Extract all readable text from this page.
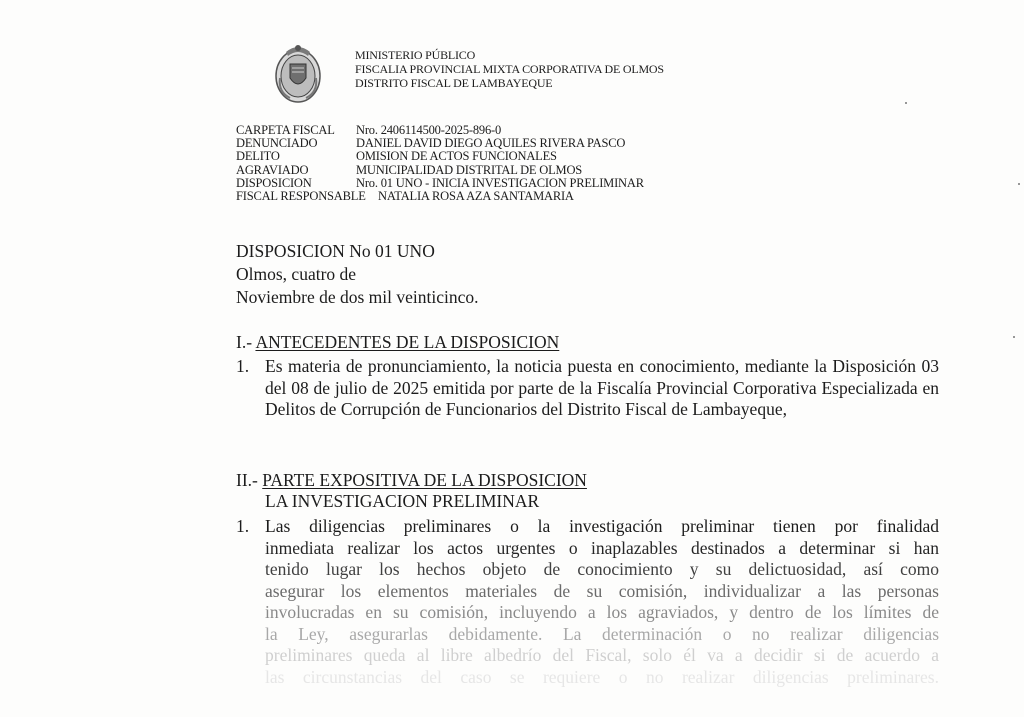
MINISTERIO PÚBLICO
FISCALIA PROVINCIAL MIXTA CORPORATIVA DE OLMOS
DISTRITO FISCAL DE LAMBAYEQUE
CARPETA FISCAL Nro. 2406114500-2025-896-0
DENUNCIADO	DANIEL DAVID DIEGO AQUILES RIVERA PASCO
DELITO	OMISION DE ACTOS FUNCIONALES
AGRAVIADO	MUNICIPALIDAD DISTRITAL DE OLMOS
DISPOSICION	Nro. 01 UNO - INICIA INVESTIGACION PRELIMINAR
FISCAL RESPONSABLE NATALIA ROSA AZA SANTAMARIA
DISPOSICION No 01 UNO
Olmos, cuatro de
Noviembre de dos mil veinticinco.
I.- ANTECEDENTES DE LA DISPOSICION
1. Es materia de pronunciamiento, la noticia puesta en conocimiento, mediante la Disposición 03 del 08 de julio de 2025 emitida por parte de la Fiscalía Provincial Corporativa Especializada en Delitos de Corrupción de Funcionarios del Distrito Fiscal de Lambayeque,
II.- PARTE EXPOSITIVA DE LA DISPOSICION
LA INVESTIGACION PRELIMINAR
1. Las diligencias preliminares o la investigación preliminar tienen por finalidad
inmediata realizar los actos urgentes o inaplazables destinados a determinar si han
tenido lugar los hechos objeto de conocimiento y su delictuosidad, así como
asegurar los elementos materiales de su comisión, individualizar a las personas
involucradas en su comisión, incluyendo a los agraviados, y dentro de los límites de
la Ley, asegurarlas debidamente. La determinación o no realizar diligencias
preliminares queda al libre albedrío del Fiscal, solo él va a decidir si de acuerdo a
las circunstancias del caso se requiere o no realizar diligencias preliminares.
